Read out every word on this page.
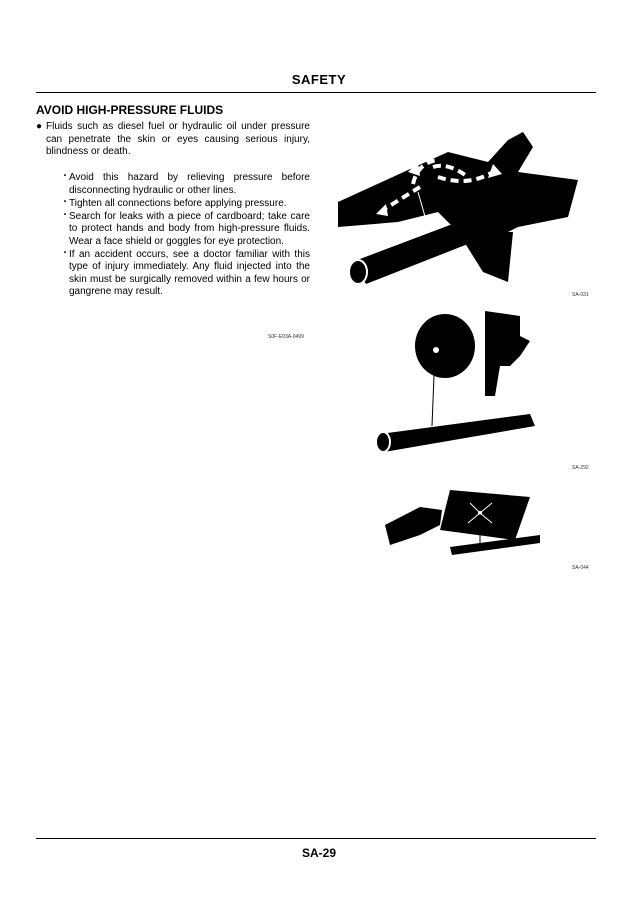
SAFETY
AVOID HIGH-PRESSURE FLUIDS
● Fluids such as diesel fuel or hydraulic oil under pressure can penetrate the skin or eyes causing serious injury, blindness or death.
・ Avoid this hazard by relieving pressure before disconnecting hydraulic or other lines.
・ Tighten all connections before applying pressure.
・ Search for leaks with a piece of cardboard; take care to protect hands and body from high-pressure fluids. Wear a face shield or goggles for eye protection.
・ If an accident occurs, see a doctor familiar with this type of injury immediately. Any fluid injected into the skin must be surgically removed within a few hours or gangrene may result.
S0F-E03A-0499
SA-031
SA-292
SA-044
SA-29
